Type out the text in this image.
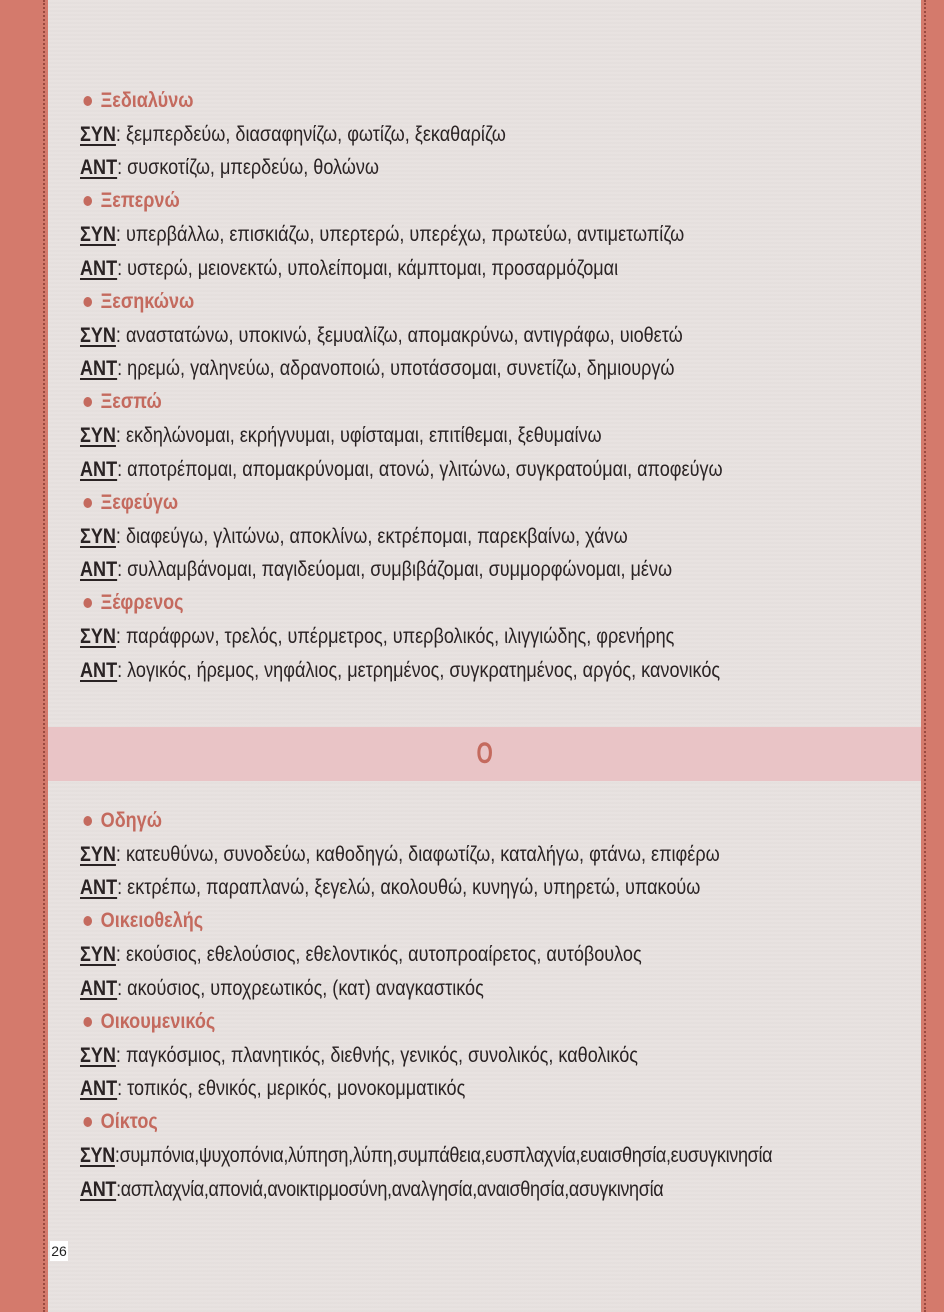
Ξεδιαλύνω
ΣΥΝ: ξεμπερδεύω, διασαφηνίζω, φωτίζω, ξεκαθαρίζω
ΑΝΤ: συσκοτίζω, μπερδεύω, θολώνω
Ξεπερνώ
ΣΥΝ: υπερβάλλω, επισκιάζω, υπερτερώ, υπερέχω, πρωτεύω, αντιμετωπίζω
ΑΝΤ: υστερώ, μειονεκτώ, υπολείπομαι, κάμπτομαι, προσαρμόζομαι
Ξεσηκώνω
ΣΥΝ: αναστατώνω, υποκινώ, ξεμυαλίζω, απομακρύνω, αντιγράφω, υιοθετώ
ΑΝΤ: ηρεμώ, γαληνεύω, αδρανοποιώ, υποτάσσομαι, συνετίζω, δημιουργώ
Ξεσπώ
ΣΥΝ: εκδηλώνομαι, εκρήγνυμαι, υφίσταμαι, επιτίθεμαι, ξεθυμαίνω
ΑΝΤ: αποτρέπομαι, απομακρύνομαι, ατονώ, γλιτώνω, συγκρατούμαι, αποφεύγω
Ξεφεύγω
ΣΥΝ: διαφεύγω, γλιτώνω, αποκλίνω, εκτρέπομαι, παρεκβαίνω, χάνω
ΑΝΤ: συλλαμβάνομαι, παγιδεύομαι, συμβιβάζομαι, συμμορφώνομαι, μένω
Ξέφρενος
ΣΥΝ: παράφρων, τρελός, υπέρμετρος, υπερβολικός, ιλιγγιώδης, φρενήρης
ΑΝΤ: λογικός, ήρεμος, νηφάλιος, μετρημένος, συγκρατημένος, αργός, κανονικός
Ο
Οδηγώ
ΣΥΝ: κατευθύνω, συνοδεύω, καθοδηγώ, διαφωτίζω, καταλήγω, φτάνω, επιφέρω
ΑΝΤ: εκτρέπω, παραπλανώ, ξεγελώ, ακολουθώ, κυνηγώ, υπηρετώ, υπακούω
Οικειοθελής
ΣΥΝ: εκούσιος, εθελούσιος, εθελοντικός, αυτοπροαίρετος, αυτόβουλος
ΑΝΤ: ακούσιος, υποχρεωτικός, (κατ) αναγκαστικός
Οικουμενικός
ΣΥΝ: παγκόσμιος, πλανητικός, διεθνής, γενικός, συνολικός, καθολικός
ΑΝΤ: τοπικός, εθνικός, μερικός, μονοκομματικός
Οίκτος
ΣΥΝ:συμπόνια,ψυχοπόνια,λύπηση,λύπη,συμπάθεια,ευσπλαχνία,ευαισθησία,ευσυγκινησία
ΑΝΤ:ασπλαχνία,απονιά,ανοικτιρμοσύνη,αναλγησία,αναισθησία,ασυγκινησία
26
